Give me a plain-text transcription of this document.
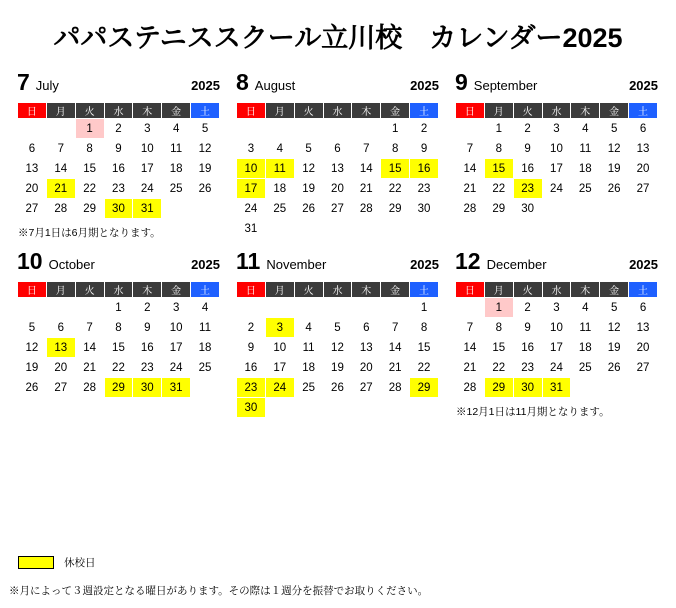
パパステニススクール立川校　カレンダー2025
7 July	2025
日	月	火	水	木	金	土
		1	2	3	4	5
6	7	8	9	10	11	12
13	14	15	16	17	18	19
20	21	22	23	24	25	26
27	28	29	30	31		
※7月1日は6月期となります。
8 August	2025
日	月	火	水	木	金	土
					1	2
3	4	5	6	7	8	9
10	11	12	13	14	15	16
17	18	19	20	21	22	23
24	25	26	27	28	29	30
31						
9 September	2025
日	月	火	水	木	金	土
	1	2	3	4	5	6
7	8	9	10	11	12	13
14	15	16	17	18	19	20
21	22	23	24	25	26	27
28	29	30				
10 October	2025
日	月	火	水	木	金	土
			1	2	3	4
5	6	7	8	9	10	11
12	13	14	15	16	17	18
19	20	21	22	23	24	25
26	27	28	29	30	31	
11 November	2025
日	月	火	水	木	金	土
						1
2	3	4	5	6	7	8
9	10	11	12	13	14	15
16	17	18	19	20	21	22
23	24	25	26	27	28	29
30						
12 December	2025
日	月	火	水	木	金	土
	1	2	3	4	5	6
7	8	9	10	11	12	13
14	15	16	17	18	19	20
21	22	23	24	25	26	27
28	29	30	31			
※12月1日は11月期となります。
休校日
※月によって３週設定となる曜日があります。その際は１週分を振替でお取りください。
